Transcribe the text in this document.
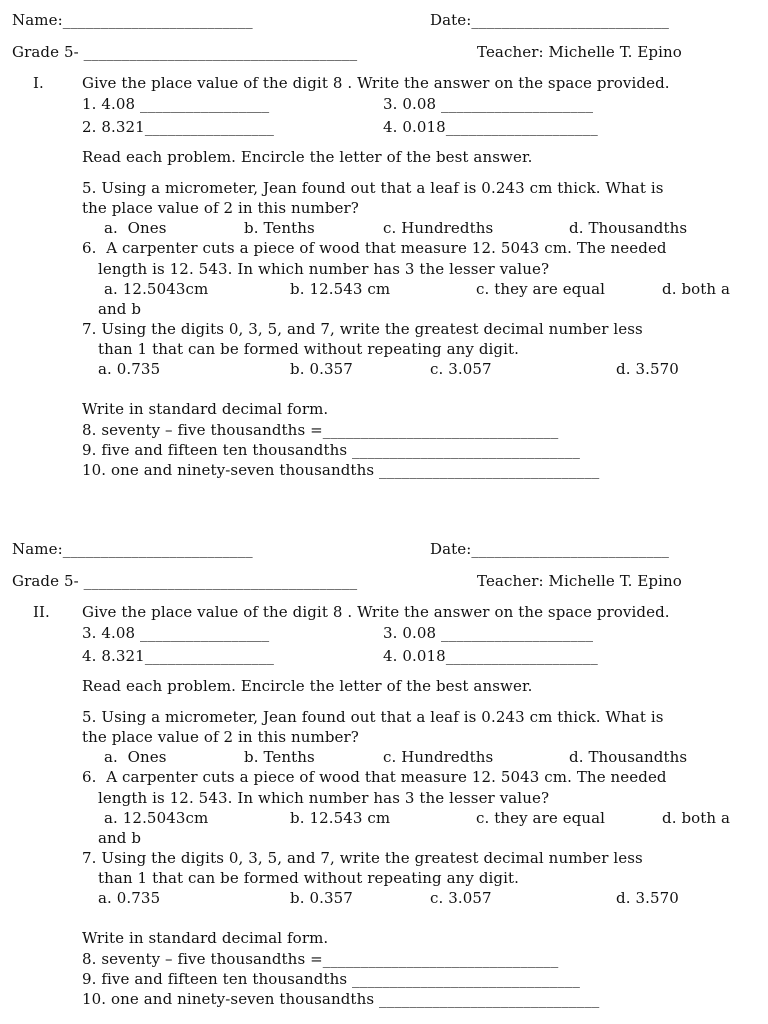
Name:_________________________	Date:__________________________
Grade 5- ____________________________________	Teacher: Michelle T. Epino
I.	Give the place value of the digit 8 . Write the answer on the space provided.
1. 4.08 _________________	3. 0.08 ____________________
2. 8.321_________________	4. 0.018____________________
Read each problem. Encircle the letter of the best answer.
5. Using a micrometer, Jean found out that a leaf is 0.243 cm thick. What is
the place value of 2 in this number?
a.  Ones	b. Tenths	c. Hundredths	d. Thousandths
6.  A carpenter cuts a piece of wood that measure 12. 5043 cm. The needed
length is 12. 543. In which number has 3 the lesser value?
a. 12.5043cm	b. 12.543 cm	c. they are equal	d. both a
and b
7. Using the digits 0, 3, 5, and 7, write the greatest decimal number less
than 1 that can be formed without repeating any digit.
a. 0.735	b. 0.357	c. 3.057	d. 3.570
Write in standard decimal form.
8. seventy – five thousandths =_______________________________
9. five and fifteen ten thousandths ______________________________
10. one and ninety-seven thousandths _____________________________
Name:_________________________	Date:__________________________
Grade 5- ____________________________________	Teacher: Michelle T. Epino
II. Give the place value of the digit 8 . Write the answer on the space provided.
3. 4.08 _________________	3. 0.08 ____________________
4. 8.321_________________	4. 0.018____________________
Read each problem. Encircle the letter of the best answer.
5. Using a micrometer, Jean found out that a leaf is 0.243 cm thick. What is
the place value of 2 in this number?
a.  Ones	b. Tenths	c. Hundredths	d. Thousandths
6.  A carpenter cuts a piece of wood that measure 12. 5043 cm. The needed
length is 12. 543. In which number has 3 the lesser value?
a. 12.5043cm	b. 12.543 cm	c. they are equal	d. both a
and b
7. Using the digits 0, 3, 5, and 7, write the greatest decimal number less
than 1 that can be formed without repeating any digit.
a. 0.735	b. 0.357	c. 3.057	d. 3.570
Write in standard decimal form.
8. seventy – five thousandths =_______________________________
9. five and fifteen ten thousandths ______________________________
10. one and ninety-seven thousandths _____________________________
